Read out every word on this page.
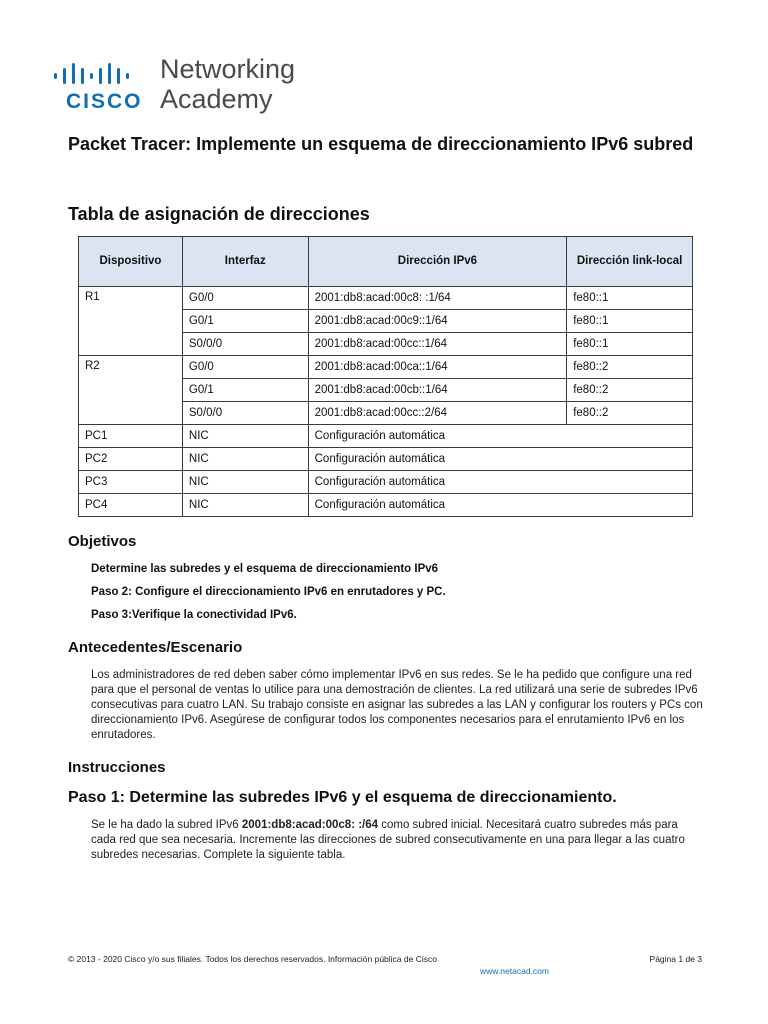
CISCO
Networking
Academy
Packet Tracer: Implemente un esquema de direccionamiento IPv6 subred
Tabla de asignación de direcciones
Dispositivo	Interfaz	Dirección IPv6	Dirección link-local
R1	G0/0	2001:db8:acad:00c8: :1/64	fe80::1
	G0/1	2001:db8:acad:00c9::1/64	fe80::1
	S0/0/0	2001:db8:acad:00cc::1/64	fe80::1
R2	G0/0	2001:db8:acad:00ca::1/64	fe80::2
	G0/1	2001:db8:acad:00cb::1/64	fe80::2
	S0/0/0	2001:db8:acad:00cc::2/64	fe80::2
PC1	NIC	Configuración automática	
PC2	NIC	Configuración automática	
PC3	NIC	Configuración automática	
PC4	NIC	Configuración automática	
Objetivos
Determine las subredes y el esquema de direccionamiento IPv6
Paso 2: Configure el direccionamiento IPv6 en enrutadores y PC.
Paso 3:Verifique la conectividad IPv6.
Antecedentes/Escenario
Los administradores de red deben saber cómo implementar IPv6 en sus redes. Se le ha pedido que configure una red para que el personal de ventas lo utilice para una demostración de clientes. La red utilizará una serie de subredes IPv6 consecutivas para cuatro LAN. Su trabajo consiste en asignar las subredes a las LAN y configurar los routers y PCs con direccionamiento IPv6. Asegúrese de configurar todos los componentes necesarios para el enrutamiento IPv6 en los enrutadores.
Instrucciones
Paso 1: Determine las subredes IPv6 y el esquema de direccionamiento.
Se le ha dado la subred IPv6 2001:db8:acad:00c8: :/64 como subred inicial. Necesitará cuatro subredes más para cada red que sea necesaria. Incremente las direcciones de subred consecutivamente en una para llegar a las cuatro subredes necesarias. Complete la siguiente tabla.
© 2013 - 2020 Cisco y/o sus filiales. Todos los derechos reservados. Información pública de Cisco	Página 1 de 3
www.netacad.com
